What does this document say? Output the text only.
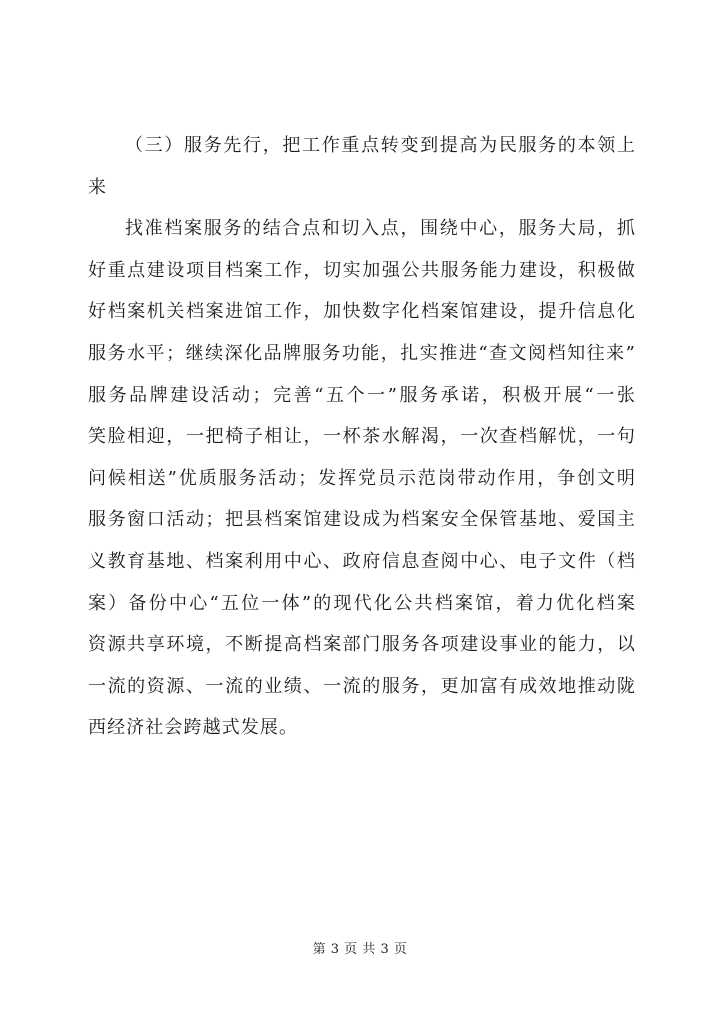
（三）服务先行，把工作重点转变到提高为民服务的本领上
来
找准档案服务的结合点和切入点，围绕中心，服务大局，抓
好重点建设项目档案工作，切实加强公共服务能力建设，积极做
好档案机关档案进馆工作，加快数字化档案馆建设，提升信息化
服务水平；继续深化品牌服务功能，扎实推进“查文阅档知往来”
服务品牌建设活动；完善“五个一”服务承诺，积极开展“一张
笑脸相迎，一把椅子相让，一杯茶水解渴，一次查档解忧，一句
问候相送”优质服务活动；发挥党员示范岗带动作用，争创文明
服务窗口活动；把县档案馆建设成为档案安全保管基地、爱国主
义教育基地、档案利用中心、政府信息查阅中心、电子文件（档
案）备份中心“五位一体”的现代化公共档案馆，着力优化档案
资源共享环境，不断提高档案部门服务各项建设事业的能力，以
一流的资源、一流的业绩、一流的服务，更加富有成效地推动陇
西经济社会跨越式发展。
第 3 页 共 3 页
